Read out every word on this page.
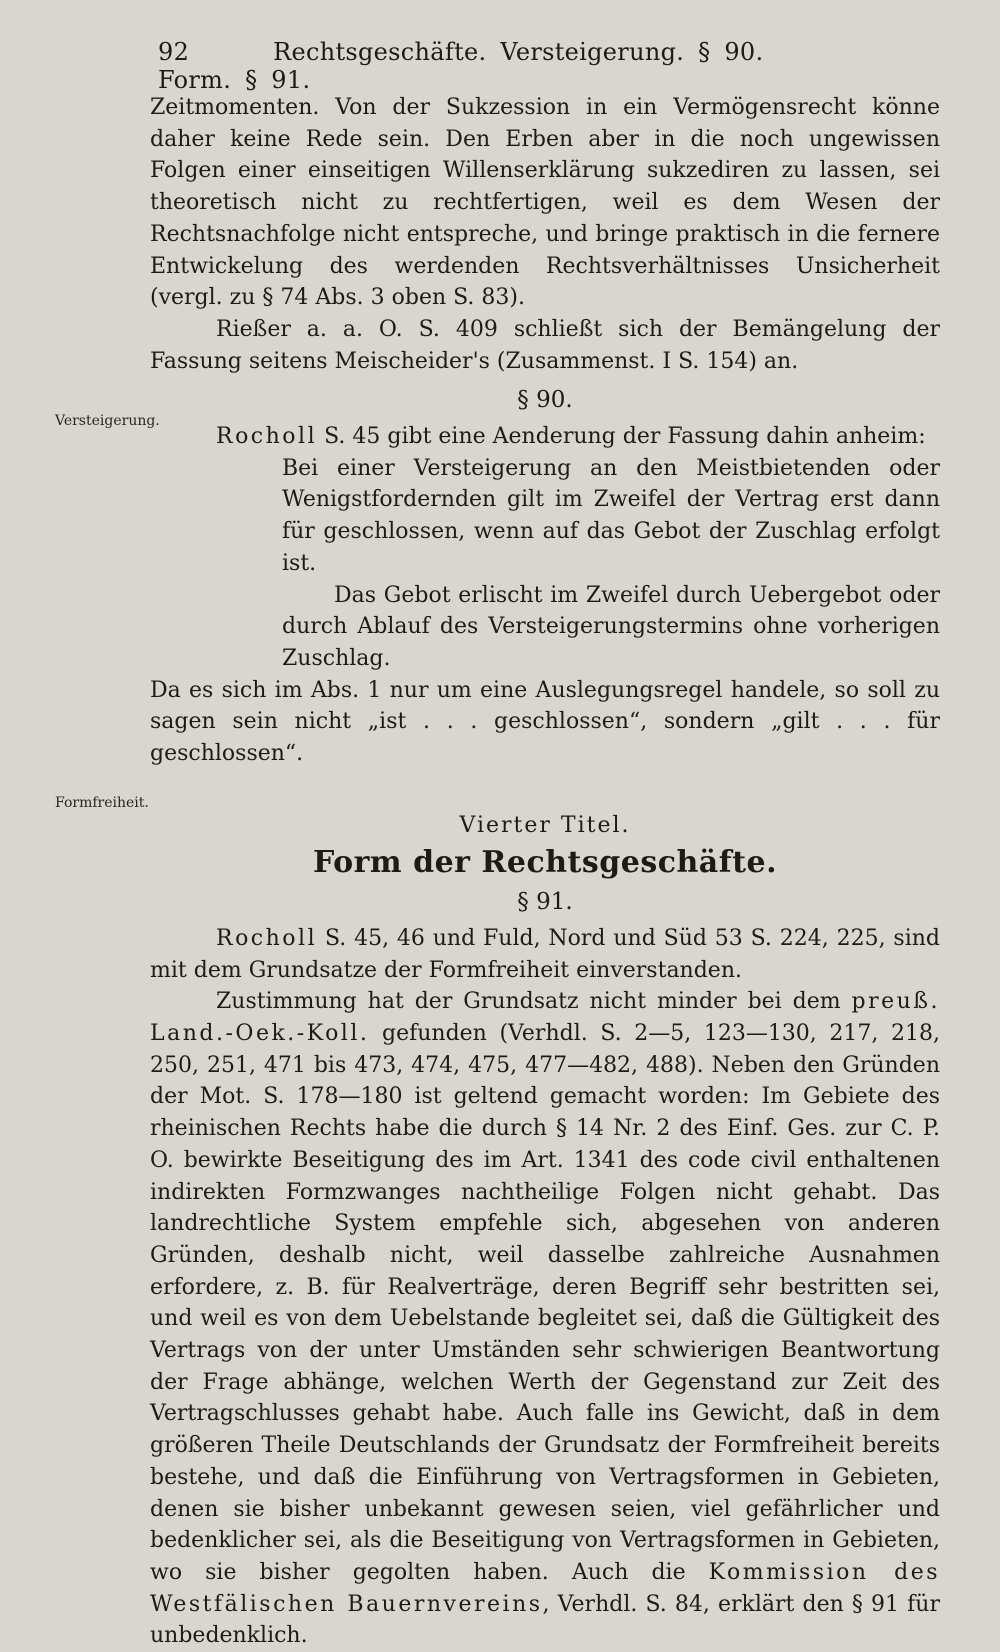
92	Rechtsgeschäfte. Versteigerung. § 90. Form. § 91.
Versteigerung.
Formfreiheit.

Zeitmomenten. Von der Sukzession in ein Vermögensrecht könne daher keine Rede sein. Den Erben aber in die noch ungewissen Folgen einer einseitigen Willenserklärung sukzediren zu lassen, sei theoretisch nicht zu rechtfertigen, weil es dem Wesen der Rechtsnachfolge nicht entspreche, und bringe praktisch in die fernere Entwickelung des werdenden Rechtsverhältnisses Unsicherheit (vergl. zu § 74 Abs. 3 oben S. 83).

Rießer a. a. O. S. 409 schließt sich der Bemängelung der Fassung seitens Meischeider's (Zusammenst. I S. 154) an.

§ 90.

Rocholl S. 45 gibt eine Aenderung der Fassung dahin anheim:

Bei einer Versteigerung an den Meistbietenden oder Wenigstfordernden gilt im Zweifel der Vertrag erst dann für geschlossen, wenn auf das Gebot der Zuschlag erfolgt ist.

Das Gebot erlischt im Zweifel durch Uebergebot oder durch Ablauf des Versteigerungstermins ohne vorherigen Zuschlag.

Da es sich im Abs. 1 nur um eine Auslegungsregel handele, so soll zu sagen sein nicht „ist . . . geschlossen“, sondern „gilt . . . für geschlossen“.

Vierter Titel.

Form der Rechtsgeschäfte.

§ 91.

Rocholl S. 45, 46 und Fuld, Nord und Süd 53 S. 224, 225, sind mit dem Grundsatze der Formfreiheit einverstanden.

Zustimmung hat der Grundsatz nicht minder bei dem preuß. Land.-Oek.-Koll. gefunden (Verhdl. S. 2—5, 123—130, 217, 218, 250, 251, 471 bis 473, 474, 475, 477—482, 488). Neben den Gründen der Mot. S. 178—180 ist geltend gemacht worden: Im Gebiete des rheinischen Rechts habe die durch § 14 Nr. 2 des Einf. Ges. zur C. P. O. bewirkte Beseitigung des im Art. 1341 des code civil enthaltenen indirekten Formzwanges nachtheilige Folgen nicht gehabt. Das landrechtliche System empfehle sich, abgesehen von anderen Gründen, deshalb nicht, weil dasselbe zahlreiche Ausnahmen erfordere, z. B. für Realverträge, deren Begriff sehr bestritten sei, und weil es von dem Uebelstande begleitet sei, daß die Gültigkeit des Vertrags von der unter Umständen sehr schwierigen Beantwortung der Frage abhänge, welchen Werth der Gegenstand zur Zeit des Vertragschlusses gehabt habe. Auch falle ins Gewicht, daß in dem größeren Theile Deutschlands der Grundsatz der Formfreiheit bereits bestehe, und daß die Einführung von Vertragsformen in Gebieten, denen sie bisher unbekannt gewesen seien, viel gefährlicher und bedenklicher sei, als die Beseitigung von Vertragsformen in Gebieten, wo sie bisher gegolten haben. Auch die Kommission des Westfälischen Bauernvereins, Verhdl. S. 84, erklärt den § 91 für unbedenklich.
